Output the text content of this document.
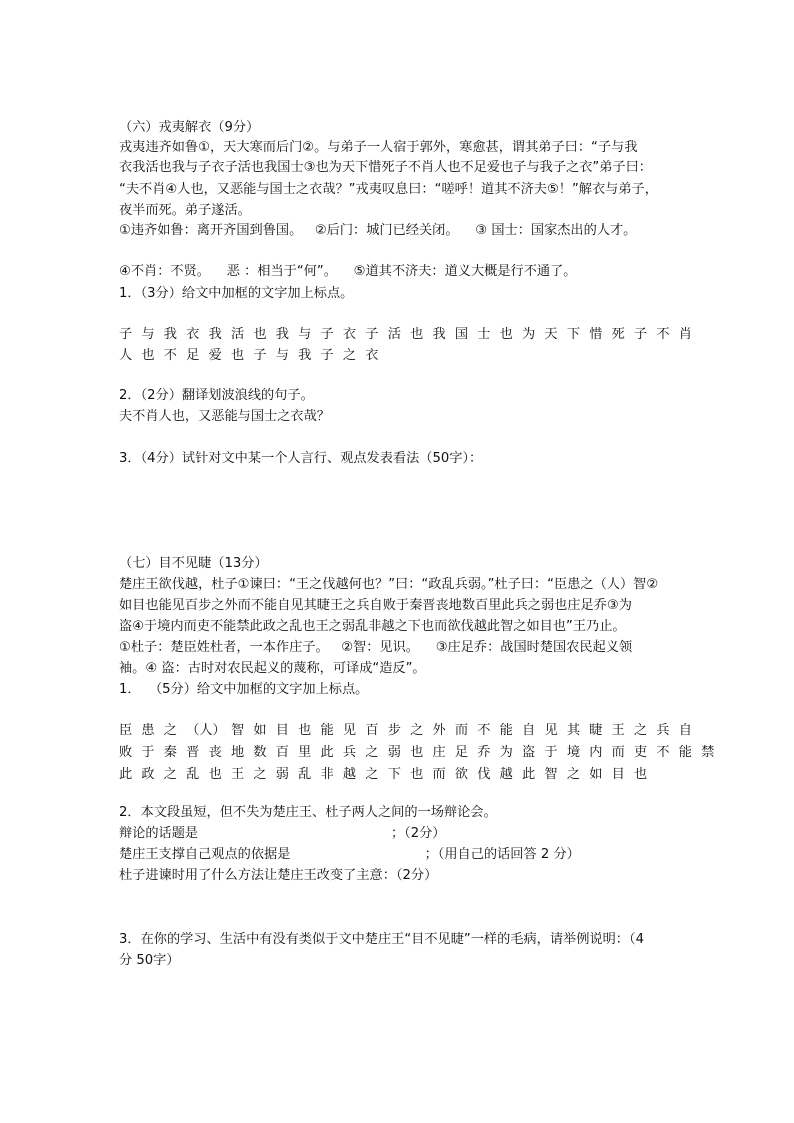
（六）戎夷解衣（9分）

戎夷违齐如鲁①，天大寒而后门②。与弟子一人宿于郭外，寒愈甚，谓其弟子曰：“子与我

衣我活也我与子衣子活也我国士③也为天下惜死子不肖人也不足爱也子与我子之衣”弟子曰：

“夫不肖④人也，又恶能与国士之衣哉？”戎夷叹息曰：“嗟呼！道其不济夫⑤！”解衣与弟子，

夜半而死。弟子遂活。

①违齐如鲁：离开齐国到鲁国。   ②后门：城门已经关闭。    ③ 国士：国家杰出的人才。

④不肖：不贤。    恶 ：相当于“何”。    ⑤道其不济夫：道义大概是行不通了。

1．（3分）给文中加框的文字加上标点。

子 与 我 衣 我 活 也 我 与 子 衣 子 活 也 我 国 士 也 为 天 下 惜 死 子 不 肖

人 也 不 足 爱 也 子 与 我 子 之 衣

2．（2分）翻译划波浪线的句子。

夫不肖人也，又恶能与国士之衣哉？

3．（4分）试针对文中某一个人言行、观点发表看法（50字）：

（七）目不见睫（13分）

楚庄王欲伐越，杜子①谏曰：“王之伐越何也？”曰：“政乱兵弱。”杜子曰：“臣患之（人）智②

如目也能见百步之外而不能自见其睫王之兵自败于秦晋丧地数百里此兵之弱也庄足乔③为

盗④于境内而吏不能禁此政之乱也王之弱乱非越之下也而欲伐越此智之如目也”王乃止。

①杜子：楚臣姓杜者，一本作庄子。   ②智：见识。    ③庄足乔：战国时楚国农民起义领

袖。④ 盗：古时对农民起义的蔑称，可译成“造反”。

1．  （5分）给文中加框的文字加上标点。

臣 患 之 （人） 智 如 目 也 能 见 百 步 之 外 而 不 能 自 见 其 睫 王 之 兵 自

败 于 秦 晋 丧 地 数 百 里 此 兵 之 弱 也 庄 足 乔 为 盗 于 境 内 而 吏 不 能 禁

此 政 之 乱 也 王 之 弱 乱 非 越 之 下 也 而 欲 伐 越 此 智 之 如 目 也

2．本文段虽短，但不失为楚庄王、杜子两人之间的一场辩论会。

辩论的话题是                                              ；（2分）

楚庄王支撑自己观点的依据是                                ；（用自己的话回答 2 分）

杜子进谏时用了什么方法让楚庄王改变了主意：（2分）

3．在你的学习、生活中有没有类似于文中楚庄王“目不见睫”一样的毛病，请举例说明：（4

分 50字）
